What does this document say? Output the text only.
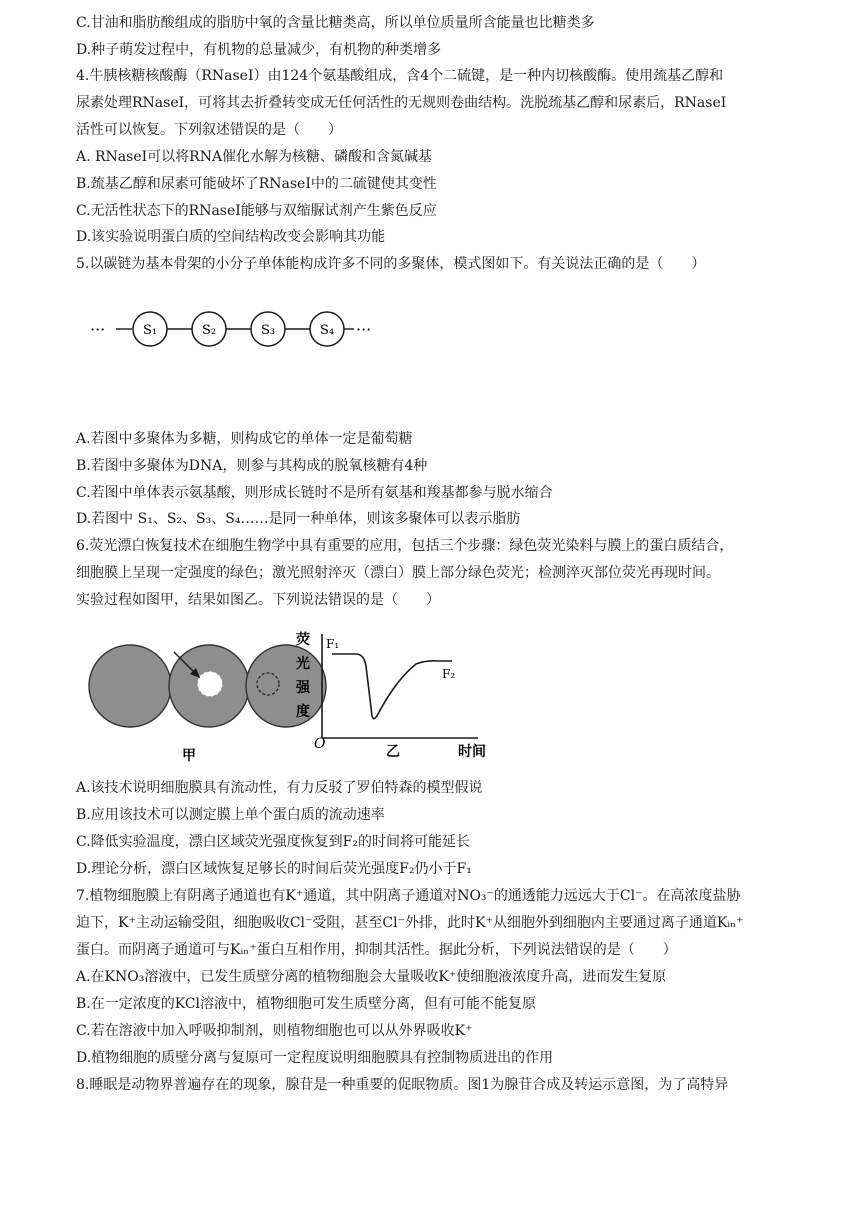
C.甘油和脂肪酸组成的脂肪中氧的含量比糖类高，所以单位质量所含能量也比糖类多
D.种子萌发过程中，有机物的总量减少，有机物的种类增多
4.牛胰核糖核酸酶（RNaseⅠ）由124个氨基酸组成，含4个二硫键，是一种内切核酸酶。使用巯基乙醇和
尿素处理RNaseⅠ，可将其去折叠转变成无任何活性的无规则卷曲结构。洗脱巯基乙醇和尿素后，RNaseⅠ
活性可以恢复。下列叙述错误的是（　　）
A. RNaseⅠ可以将RNA催化水解为核糖、磷酸和含氮碱基
B.巯基乙醇和尿素可能破坏了RNaseⅠ中的二硫键使其变性
C.无活性状态下的RNaseⅠ能够与双缩脲试剂产生紫色反应
D.该实验说明蛋白质的空间结构改变会影响其功能
5.以碳链为基本骨架的小分子单体能构成许多不同的多聚体，模式图如下。有关说法正确的是（　　）
···	S₁	S₂	S₃	S₄ ···
A.若图中多聚体为多糖，则构成它的单体一定是葡萄糖
B.若图中多聚体为DNA，则参与其构成的脱氧核糖有4种
C.若图中单体表示氨基酸，则形成长链时不是所有氨基和羧基都参与脱水缩合
D.若图中 S₁、S₂、S₃、S₄……是同一种单体，则该多聚体可以表示脂肪
6.荧光漂白恢复技术在细胞生物学中具有重要的应用，包括三个步骤：绿色荧光染料与膜上的蛋白质结合，
细胞膜上呈现一定强度的绿色；激光照射淬灭（漂白）膜上部分绿色荧光；检测淬灭部位荧光再现时间。
实验过程如图甲，结果如图乙。下列说法错误的是（　　）
甲
荧
光
强
度
O
F₁
F₂
乙	时间
A.该技术说明细胞膜具有流动性，有力反驳了罗伯特森的模型假说
B.应用该技术可以测定膜上单个蛋白质的流动速率
C.降低实验温度，漂白区域荧光强度恢复到F₂的时间将可能延长
D.理论分析，漂白区域恢复足够长的时间后荧光强度F₂仍小于F₁
7.植物细胞膜上有阴离子通道也有K⁺通道，其中阴离子通道对NO₃⁻的通透能力远远大于Cl⁻。在高浓度盐胁
迫下，K⁺主动运输受阻，细胞吸收Cl⁻受阻，甚至Cl⁻外排，此时K⁺从细胞外到细胞内主要通过离子通道Kᵢₙ⁺
蛋白。而阴离子通道可与Kᵢₙ⁺蛋白互相作用，抑制其活性。据此分析，下列说法错误的是（　　）
A.在KNO₃溶液中，已发生质壁分离的植物细胞会大量吸收K⁺使细胞液浓度升高，进而发生复原
B.在一定浓度的KCl溶液中，植物细胞可发生质壁分离，但有可能不能复原
C.若在溶液中加入呼吸抑制剂，则植物细胞也可以从外界吸收K⁺
D.植物细胞的质壁分离与复原可一定程度说明细胞膜具有控制物质进出的作用
8.睡眠是动物界普遍存在的现象，腺苷是一种重要的促眠物质。图1为腺苷合成及转运示意图，为了高特异
